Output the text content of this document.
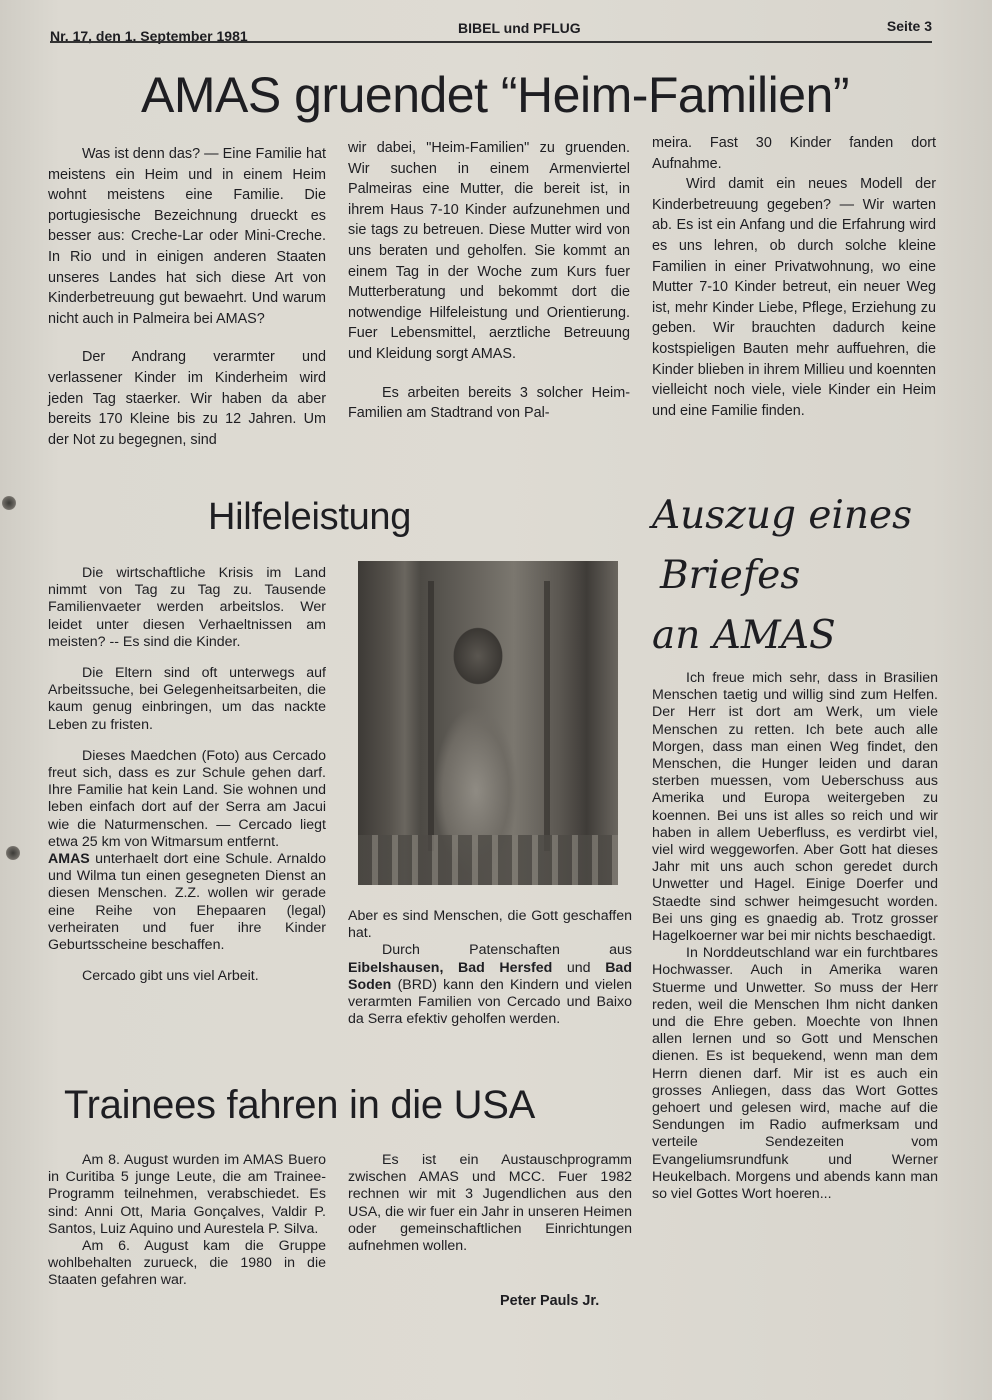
Nr. 17, den 1. September 1981	BIBEL und PFLUG	Seite 3
AMAS gruendet “Heim-Familien”

Was ist denn das? — Eine Familie hat meistens ein Heim und in einem Heim wohnt meistens eine Familie. Die portugiesische Bezeichnung drueckt es besser aus: Creche-Lar oder Mini-Creche. In Rio und in einigen anderen Staaten unseres Landes hat sich diese Art von Kinderbetreuung gut bewaehrt. Und warum nicht auch in Palmeira bei AMAS?

Der Andrang verarmter und verlassener Kinder im Kinderheim wird jeden Tag staerker. Wir haben da aber bereits 170 Kleine bis zu 12 Jahren. Um der Not zu begegnen, sind

wir dabei, "Heim-Familien" zu gruenden. Wir suchen in einem Armenviertel Palmeiras eine Mutter, die bereit ist, in ihrem Haus 7-10 Kinder aufzunehmen und sie tags zu betreuen. Diese Mutter wird von uns beraten und geholfen. Sie kommt an einem Tag in der Woche zum Kurs fuer Mutterberatung und bekommt dort die notwendige Hilfeleistung und Orientierung. Fuer Lebensmittel, aerztliche Betreuung und Kleidung sorgt AMAS.

Es arbeiten bereits 3 solcher Heim-Familien am Stadtrand von Pal-

meira. Fast 30 Kinder fanden dort Aufnahme.

Wird damit ein neues Modell der Kinderbetreuung gegeben? — Wir warten ab. Es ist ein Anfang und die Erfahrung wird es uns lehren, ob durch solche kleine Familien in einer Privatwohnung, wo eine Mutter 7-10 Kinder betreut, ein neuer Weg ist, mehr Kinder Liebe, Pflege, Erziehung zu geben. Wir brauchten dadurch keine kostspieligen Bauten mehr auffuehren, die Kinder blieben in ihrem Millieu und koennten vielleicht noch viele, viele Kinder ein Heim und eine Familie finden.

Hilfeleistung

Die wirtschaftliche Krisis im Land nimmt von Tag zu Tag zu. Tausende Familienvaeter werden arbeitslos. Wer leidet unter diesen Verhaeltnissen am meisten? -- Es sind die Kinder.

Die Eltern sind oft unterwegs auf Arbeitssuche, bei Gelegenheitsarbeiten, die kaum genug einbringen, um das nackte Leben zu fristen.

Dieses Maedchen (Foto) aus Cercado freut sich, dass es zur Schule gehen darf. Ihre Familie hat kein Land. Sie wohnen und leben einfach dort auf der Serra am Jacui wie die Naturmenschen. — Cercado liegt etwa 25 km von Witmarsum entfernt.

AMAS unterhaelt dort eine Schule. Arnaldo und Wilma tun einen gesegneten Dienst an diesen Menschen. Z.Z. wollen wir gerade eine Reihe von Ehepaaren (legal) verheiraten und fuer ihre Kinder Geburtsscheine beschaffen.

Cercado gibt uns viel Arbeit.

Aber es sind Menschen, die Gott geschaffen hat.

Durch Patenschaften aus Eibelshausen, Bad Hersfed und Bad Soden (BRD) kann den Kindern und vielen verarmten Familien von Cercado und Baixo da Serra efektiv geholfen werden.

Auszug eines
Briefes
an AMAS

Ich freue mich sehr, dass in Brasilien Menschen taetig und willig sind zum Helfen. Der Herr ist dort am Werk, um viele Menschen zu retten. Ich bete auch alle Morgen, dass man einen Weg findet, den Menschen, die Hunger leiden und daran sterben muessen, vom Ueberschuss aus Amerika und Europa weitergeben zu koennen. Bei uns ist alles so reich und wir haben in allem Ueberfluss, es verdirbt viel, viel wird weggeworfen. Aber Gott hat dieses Jahr mit uns auch schon geredet durch Unwetter und Hagel. Einige Doerfer und Staedte sind schwer heimgesucht worden. Bei uns ging es gnaedig ab. Trotz grosser Hagelkoerner war bei mir nichts beschaedigt.

In Norddeutschland war ein furchtbares Hochwasser. Auch in Amerika waren Stuerme und Unwetter. So muss der Herr reden, weil die Menschen Ihm nicht danken und die Ehre geben. Moechte von Ihnen allen lernen und so Gott und Menschen dienen. Es ist bequekend, wenn man dem Herrn dienen darf. Mir ist es auch ein grosses Anliegen, dass das Wort Gottes gehoert und gelesen wird, mache auf die Sendungen im Radio aufmerksam und verteile Sendezeiten vom Evangeliumsrundfunk und Werner Heukelbach. Morgens und abends kann man so viel Gottes Wort hoeren...

Trainees fahren in die USA

Am 8. August wurden im AMAS Buero in Curitiba 5 junge Leute, die am Trainee-Programm teilnehmen, verabschiedet. Es sind: Anni Ott, Maria Gonçalves, Valdir P. Santos, Luiz Aquino und Aurestela P. Silva.

Am 6. August kam die Gruppe wohlbehalten zurueck, die 1980 in die Staaten gefahren war.

Es ist ein Austauschprogramm zwischen AMAS und MCC. Fuer 1982 rechnen wir mit 3 Jugendlichen aus den USA, die wir fuer ein Jahr in unseren Heimen oder gemeinschaftlichen Einrichtungen aufnehmen wollen.

Peter Pauls Jr.
